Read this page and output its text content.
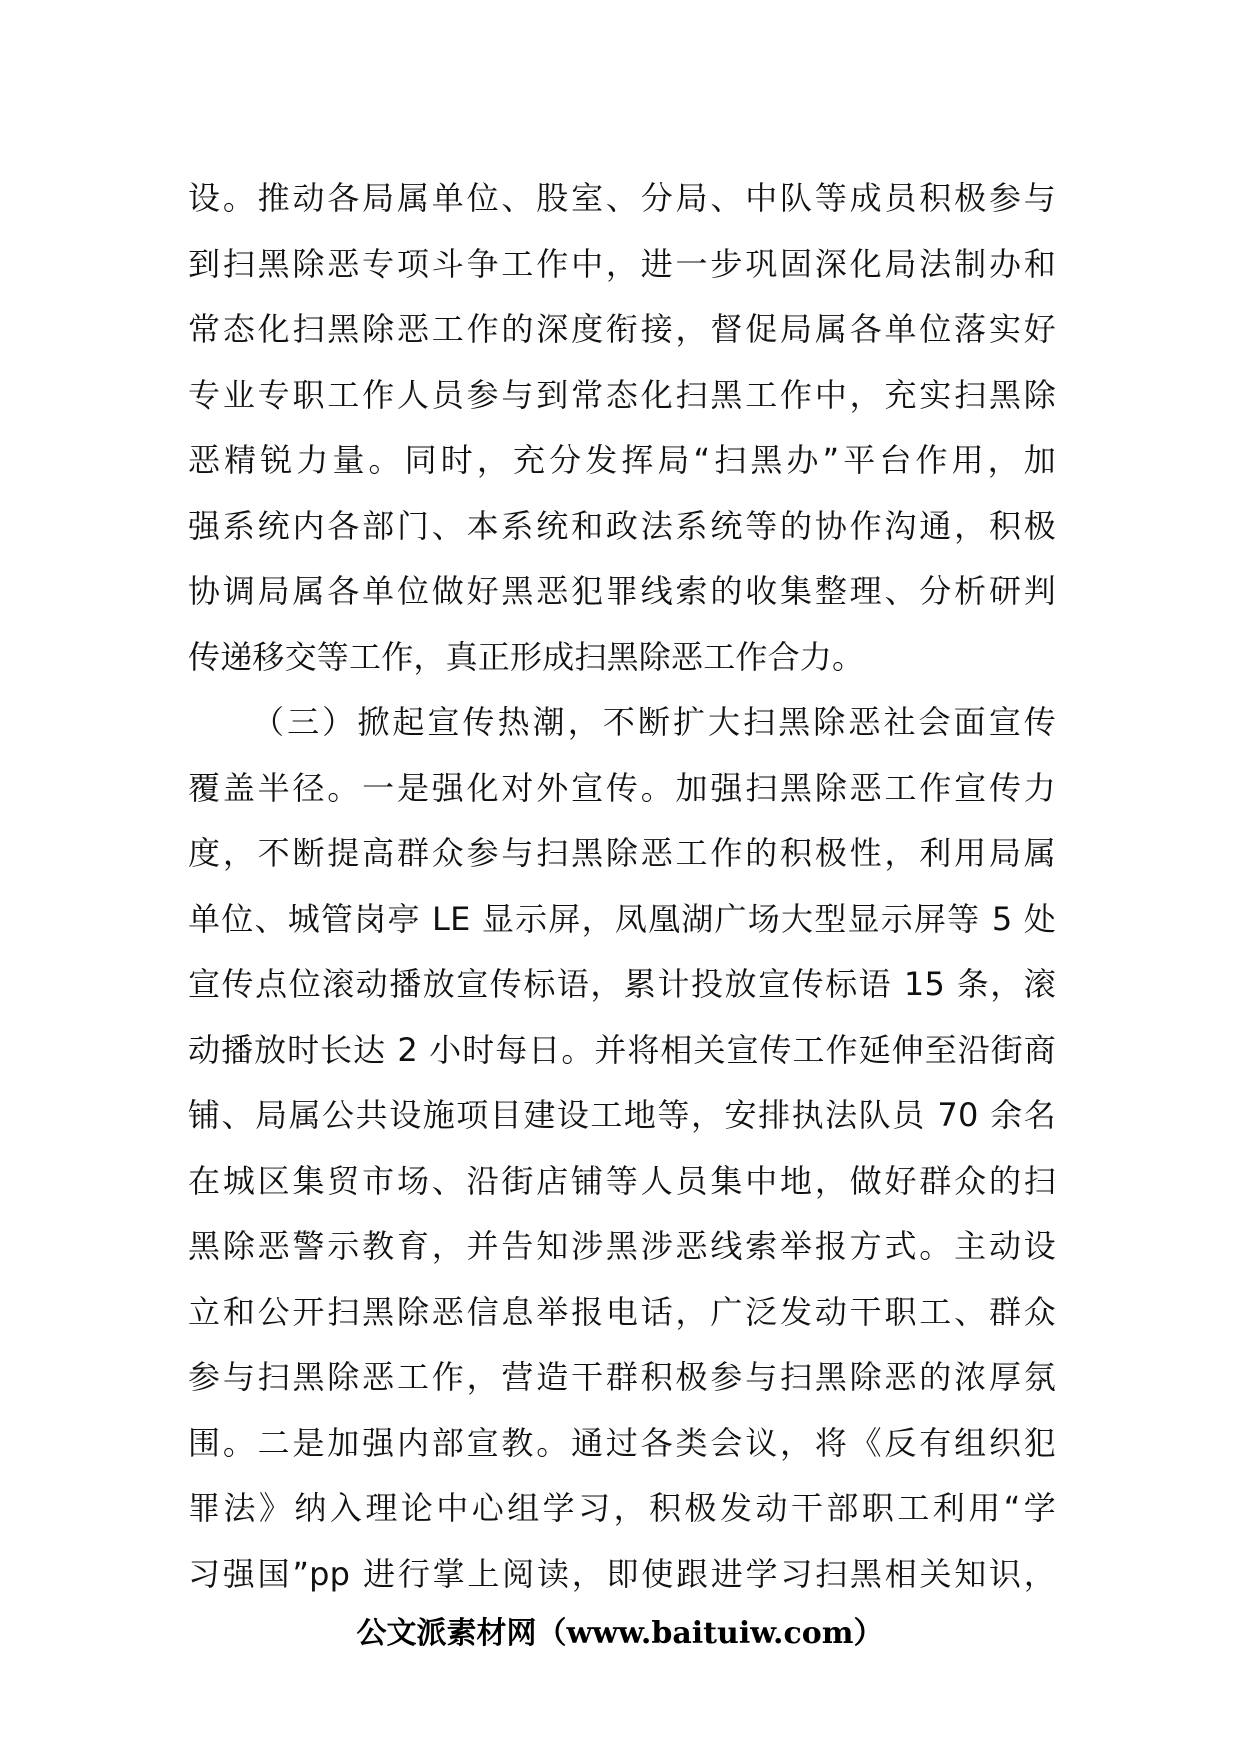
设。推动各局属单位、股室、分局、中队等成员积极参与
到扫黑除恶专项斗争工作中，进一步巩固深化局法制办和
常态化扫黑除恶工作的深度衔接，督促局属各单位落实好
专业专职工作人员参与到常态化扫黑工作中，充实扫黑除
恶精锐力量。同时，充分发挥局“扫黑办”平台作用，加
强系统内各部门、本系统和政法系统等的协作沟通，积极
协调局属各单位做好黑恶犯罪线索的收集整理、分析研判
传递移交等工作，真正形成扫黑除恶工作合力。
（三）掀起宣传热潮，不断扩大扫黑除恶社会面宣传
覆盖半径。一是强化对外宣传。加强扫黑除恶工作宣传力
度，不断提高群众参与扫黑除恶工作的积极性，利用局属
单位、城管岗亭 LE 显示屏，凤凰湖广场大型显示屏等 5 处
宣传点位滚动播放宣传标语，累计投放宣传标语 15 条，滚
动播放时长达 2 小时每日。并将相关宣传工作延伸至沿街商
铺、局属公共设施项目建设工地等，安排执法队员 70 余名
在城区集贸市场、沿街店铺等人员集中地，做好群众的扫
黑除恶警示教育，并告知涉黑涉恶线索举报方式。主动设
立和公开扫黑除恶信息举报电话，广泛发动干职工、群众
参与扫黑除恶工作，营造干群积极参与扫黑除恶的浓厚氛
围。二是加强内部宣教。通过各类会议，将《反有组织犯
罪法》纳入理论中心组学习，积极发动干部职工利用“学
习强国”pp 进行掌上阅读，即使跟进学习扫黑相关知识，
公文派素材网（www.baituiw.com）
